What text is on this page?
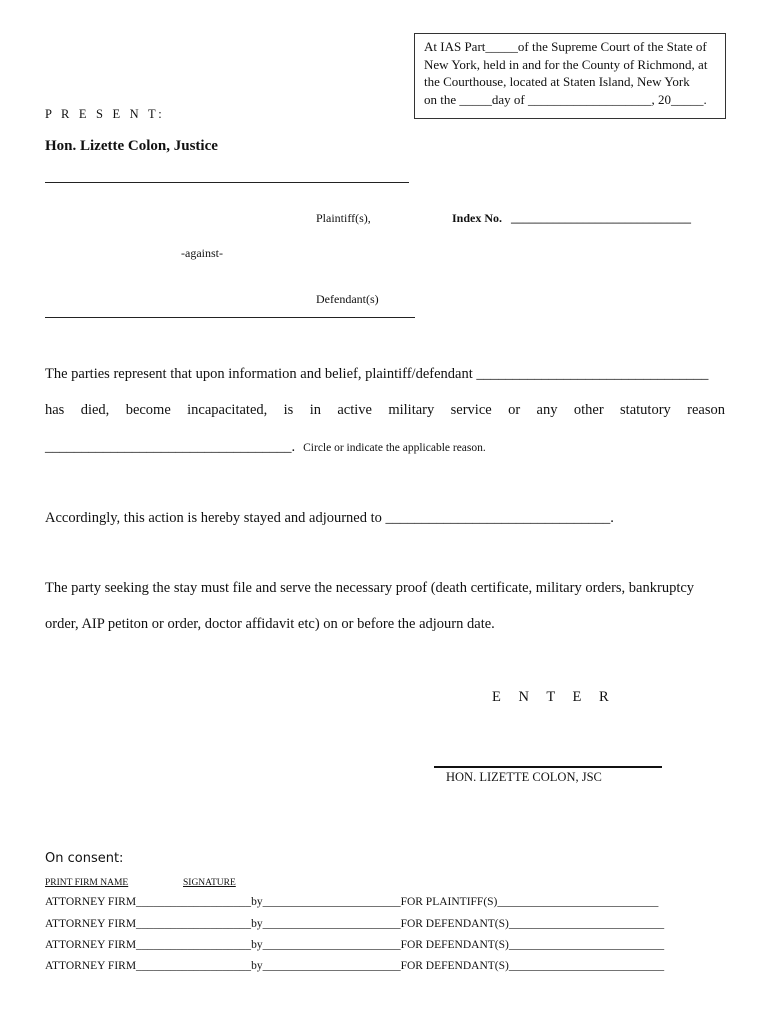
At IAS Part_____of the Supreme Court of the State of
New York, held in and for the County of Richmond, at
the Courthouse, located at Staten Island, New York
on the _____day of ___________________, 20_____.
P R E S E N T:
Hon. Lizette Colon, Justice
Plaintiff(s),	Index No. ______________________________
-against-
Defendant(s)
The parties represent that upon information and belief, plaintiff/defendant ________________________________
has died, become incapacitated, is in active military service or any other statutory reason
__________________________________. Circle or indicate the applicable reason.
Accordingly, this action is hereby stayed and adjourned to _______________________________.
The party seeking the stay must file and serve the necessary proof (death certificate, military orders, bankruptcy
order, AIP petiton or order, doctor affidavit etc) on or before the adjourn date.
E N T E R
HON. LIZETTE COLON, JSC
On consent:
PRINT FIRM NAME	SIGNATURE
ATTORNEY FIRM____________________by________________________FOR PLAINTIFF(S)____________________________
ATTORNEY FIRM____________________by________________________FOR DEFENDANT(S)___________________________
ATTORNEY FIRM____________________by________________________FOR DEFENDANT(S)___________________________
ATTORNEY FIRM____________________by________________________FOR DEFENDANT(S)___________________________
